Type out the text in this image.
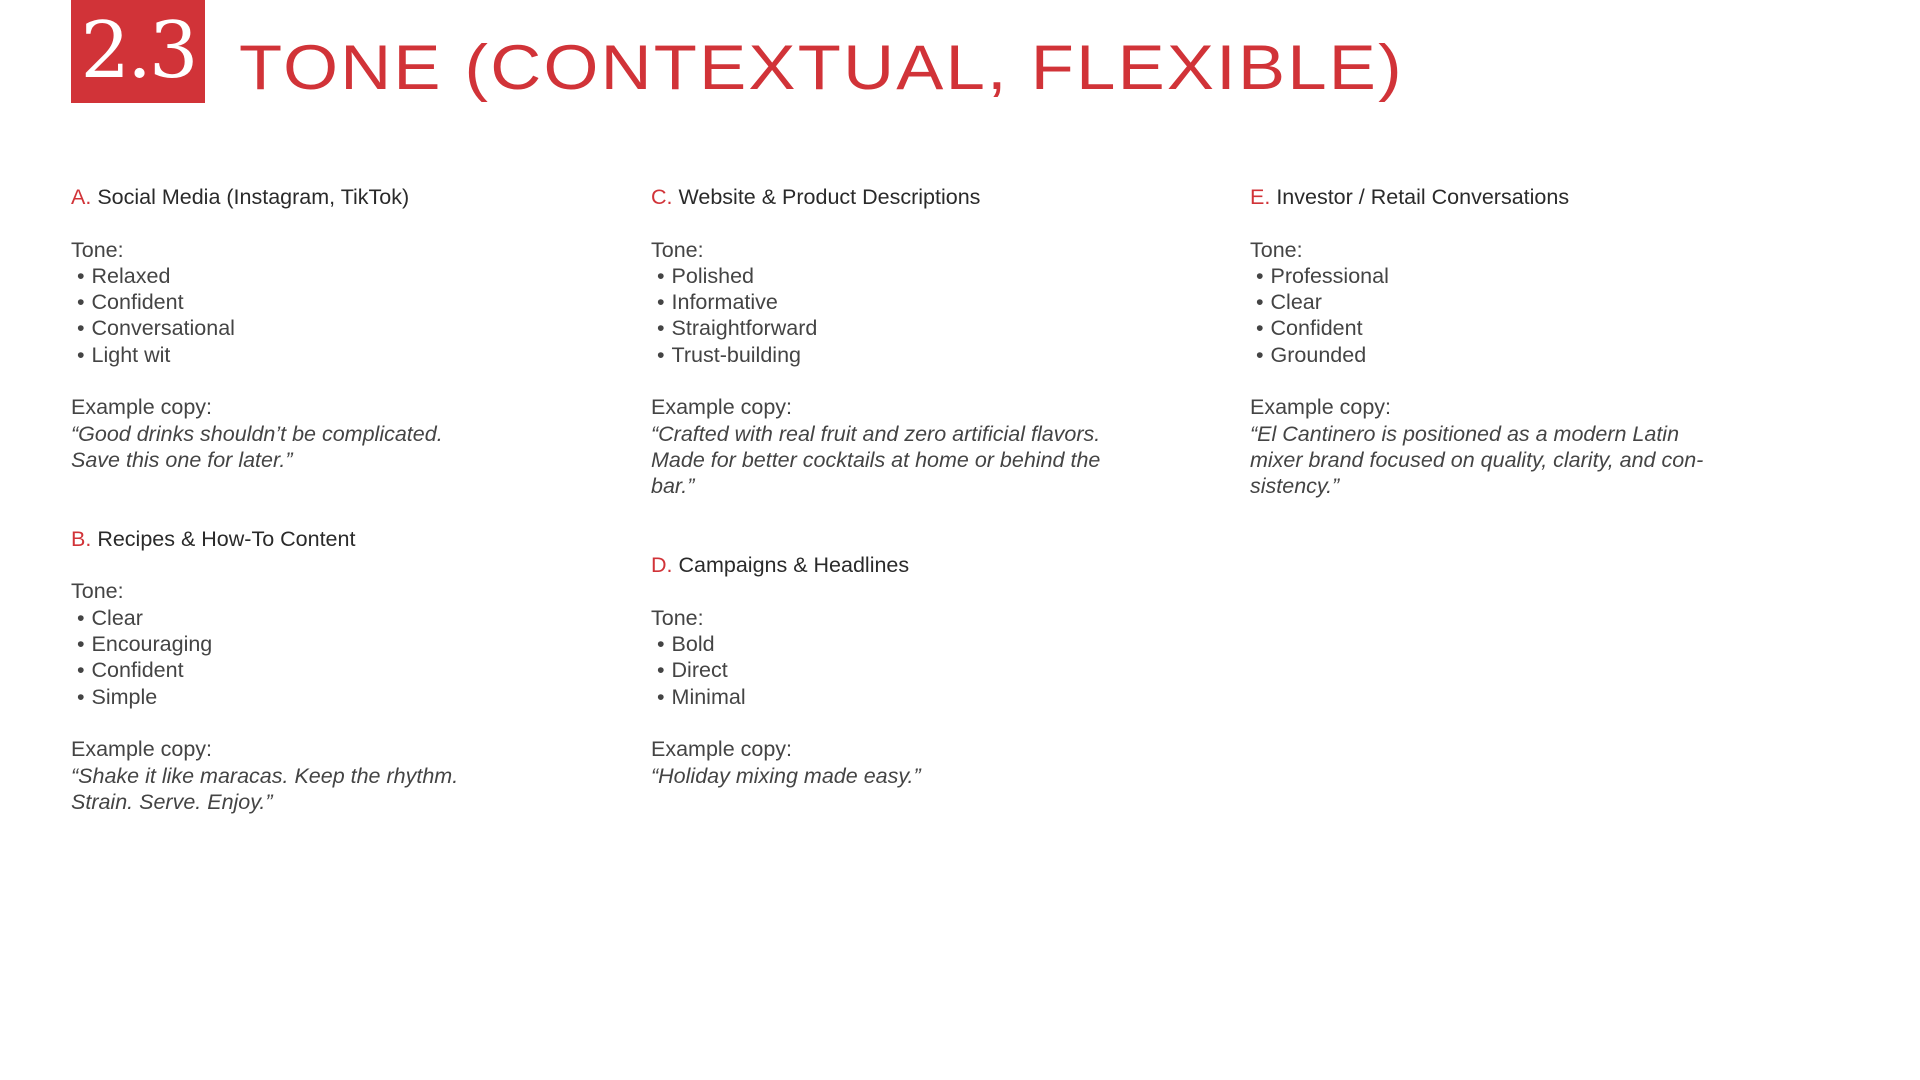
2.3 TONE (CONTEXTUAL, FLEXIBLE)
A. Social Media (Instagram, TikTok)
Tone:
• Relaxed
• Confident
• Conversational
• Light wit
Example copy:
“Good drinks shouldn’t be complicated.
Save this one for later.”
B. Recipes & How-To Content
Tone:
• Clear
• Encouraging
• Confident
• Simple
Example copy:
“Shake it like maracas. Keep the rhythm.
Strain. Serve. Enjoy.”
C. Website & Product Descriptions
Tone:
• Polished
• Informative
• Straightforward
• Trust-building
Example copy:
“Crafted with real fruit and zero artificial flavors.
Made for better cocktails at home or behind the
bar.”
D. Campaigns & Headlines
Tone:
• Bold
• Direct
• Minimal
Example copy:
“Holiday mixing made easy.”
E. Investor / Retail Conversations
Tone:
• Professional
• Clear
• Confident
• Grounded
Example copy:
“El Cantinero is positioned as a modern Latin
mixer brand focused on quality, clarity, and con-
sistency.”
